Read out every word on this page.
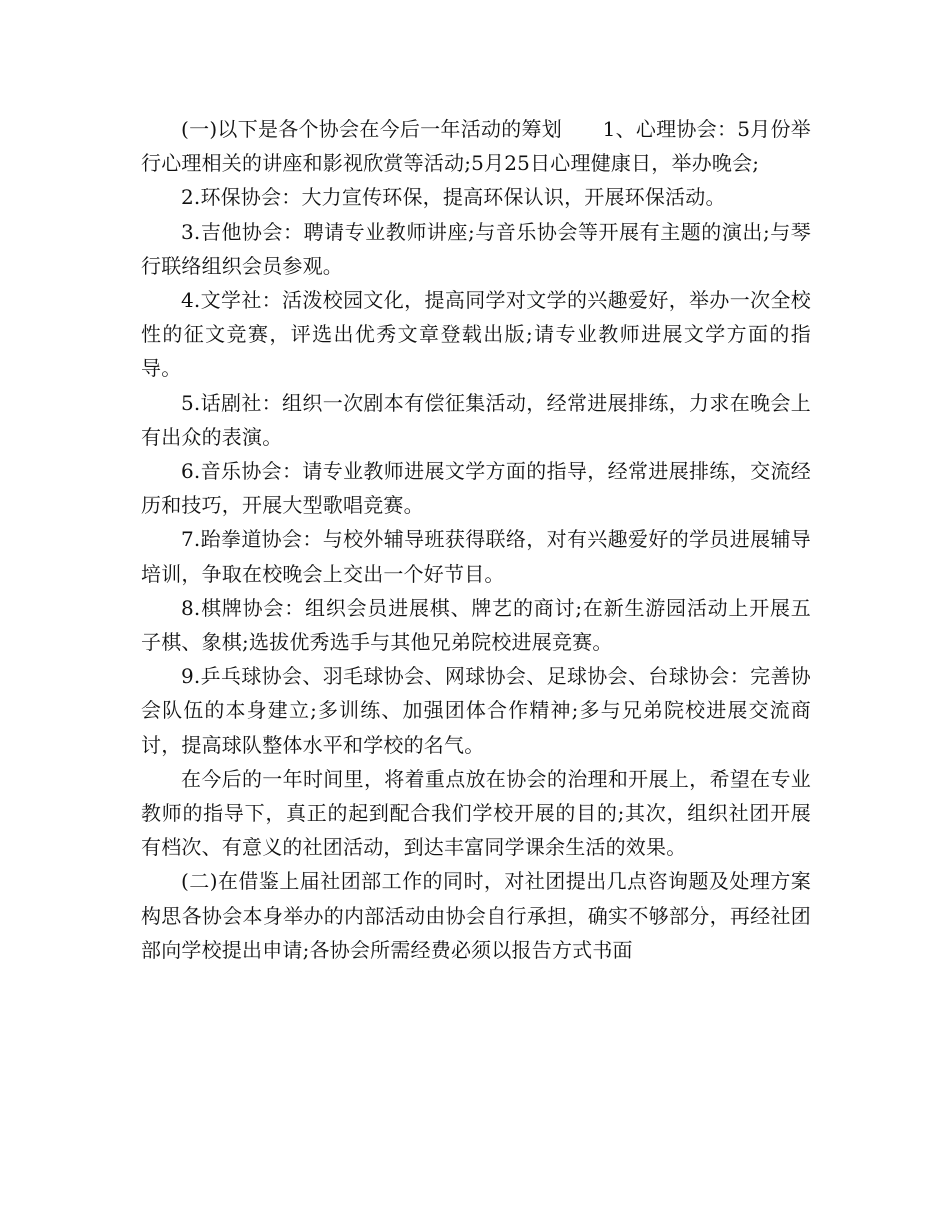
(一)以下是各个协会在今后一年活动的筹划　　1、心理协会：5月份举行心理相关的讲座和影视欣赏等活动;5月25日心理健康日，举办晚会;

2.环保协会：大力宣传环保，提高环保认识，开展环保活动。

3.吉他协会：聘请专业教师讲座;与音乐协会等开展有主题的演出;与琴行联络组织会员参观。

4.文学社：活泼校园文化，提高同学对文学的兴趣爱好，举办一次全校性的征文竞赛，评选出优秀文章登载出版;请专业教师进展文学方面的指导。

5.话剧社：组织一次剧本有偿征集活动，经常进展排练，力求在晚会上有出众的表演。

6.音乐协会：请专业教师进展文学方面的指导，经常进展排练，交流经历和技巧，开展大型歌唱竞赛。

7.跆拳道协会：与校外辅导班获得联络，对有兴趣爱好的学员进展辅导培训，争取在校晚会上交出一个好节目。

8.棋牌协会：组织会员进展棋、牌艺的商讨;在新生游园活动上开展五子棋、象棋;选拔优秀选手与其他兄弟院校进展竞赛。

9.乒乓球协会、羽毛球协会、网球协会、足球协会、台球协会：完善协会队伍的本身建立;多训练、加强团体合作精神;多与兄弟院校进展交流商讨，提高球队整体水平和学校的名气。

在今后的一年时间里，将着重点放在协会的治理和开展上，希望在专业教师的指导下，真正的起到配合我们学校开展的目的;其次，组织社团开展有档次、有意义的社团活动，到达丰富同学课余生活的效果。

(二)在借鉴上届社团部工作的同时，对社团提出几点咨询题及处理方案构思各协会本身举办的内部活动由协会自行承担，确实不够部分，再经社团部向学校提出申请;各协会所需经费必须以报告方式书面
